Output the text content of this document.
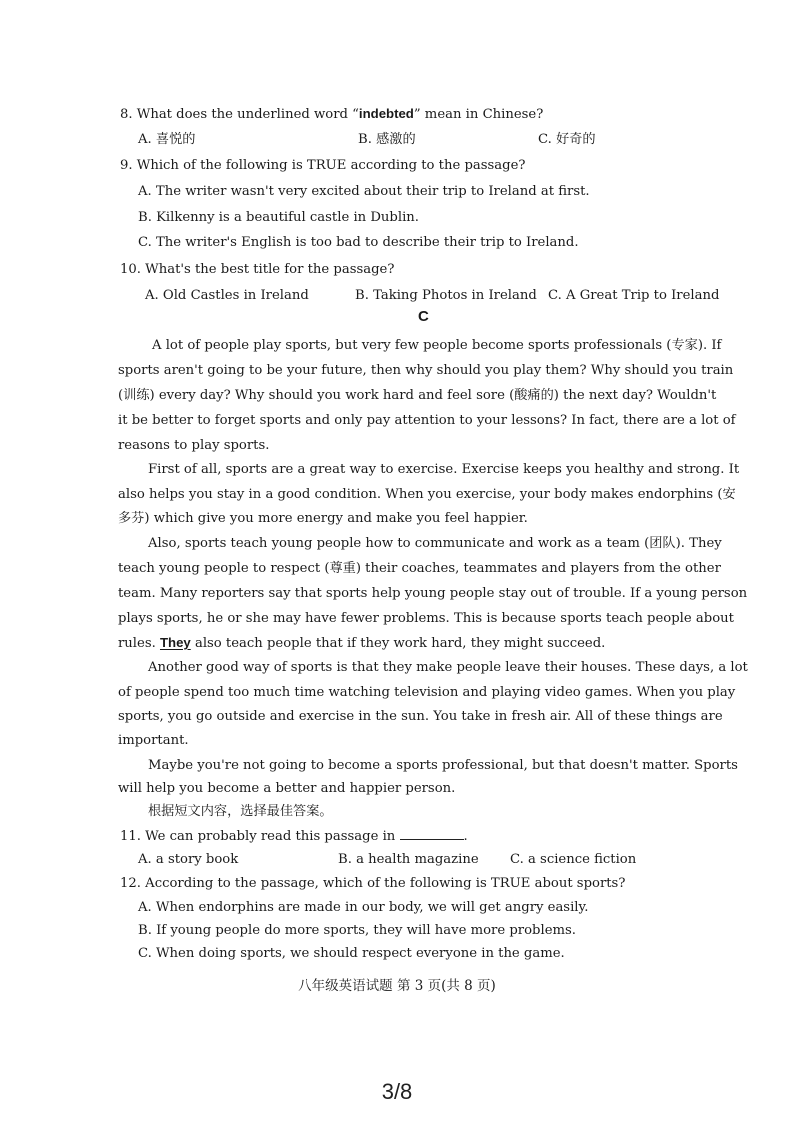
8. What does the underlined word “indebted” mean in Chinese?
A. 喜悦的	B. 感激的	C. 好奇的
9. Which of the following is TRUE according to the passage?
A. The writer wasn't very excited about their trip to Ireland at first.
B. Kilkenny is a beautiful castle in Dublin.
C. The writer's English is too bad to describe their trip to Ireland.
10. What's the best title for the passage?
A. Old Castles in Ireland	B. Taking Photos in Ireland C. A Great Trip to Ireland
C
A lot of people play sports, but very few people become sports professionals (专家). If
sports aren't going to be your future, then why should you play them? Why should you train
(训练) every day? Why should you work hard and feel sore (酸痛的) the next day? Wouldn't
it be better to forget sports and only pay attention to your lessons? In fact, there are a lot of
reasons to play sports.
First of all, sports are a great way to exercise. Exercise keeps you healthy and strong. It
also helps you stay in a good condition. When you exercise, your body makes endorphins (安
多芬) which give you more energy and make you feel happier.
Also, sports teach young people how to communicate and work as a team (团队). They
teach young people to respect (尊重) their coaches, teammates and players from the other
team. Many reporters say that sports help young people stay out of trouble. If a young person
plays sports, he or she may have fewer problems. This is because sports teach people about
rules. They also teach people that if they work hard, they might succeed.
Another good way of sports is that they make people leave their houses. These days, a lot
of people spend too much time watching television and playing video games. When you play
sports, you go outside and exercise in the sun. You take in fresh air. All of these things are
important.
Maybe you're not going to become a sports professional, but that doesn't matter. Sports
will help you become a better and happier person.
根据短文内容，选择最佳答案。
11. We can probably read this passage in	.
A. a story book	B. a health magazine C. a science fiction
12. According to the passage, which of the following is TRUE about sports?
A. When endorphins are made in our body, we will get angry easily.
B. If young people do more sports, they will have more problems.
C. When doing sports, we should respect everyone in the game.
八年级英语试题 第 3 页(共 8 页)
3/8
